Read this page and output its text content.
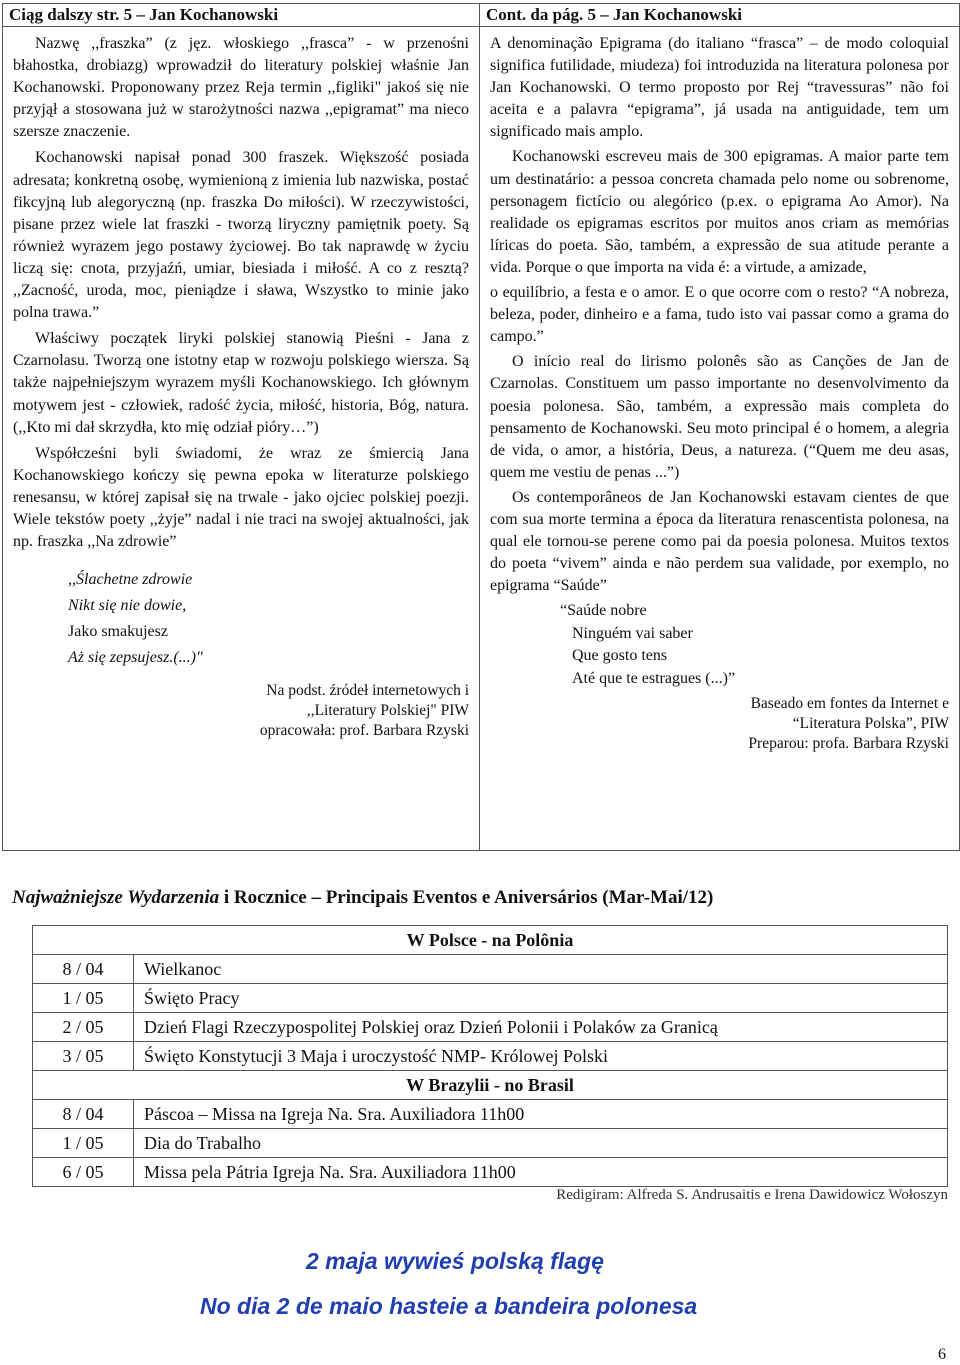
Ciąg dalszy str. 5 – Jan Kochanowski

Nazwę ,,fraszka” (z jęz. włoskiego ,,frasca” - w przenośni błahostka, drobiazg) wprowadził do literatury polskiej właśnie Jan Kochanowski. Proponowany przez Reja termin ,,figliki" jakoś się nie przyjął a stosowana już w starożytności nazwa ,,epigramat” ma nieco szersze znaczenie.

Kochanowski napisał ponad 300 fraszek. Większość posiada adresata; konkretną osobę, wymienioną z imienia lub nazwiska, postać fikcyjną lub alegoryczną (np. fraszka Do miłości). W rzeczywistości, pisane przez wiele lat fraszki - tworzą liryczny pamiętnik poety. Są również wyrazem jego postawy życiowej. Bo tak naprawdę w życiu liczą się: cnota, przyjaźń, umiar, biesiada i miłość. A co z resztą? ,,Zacność, uroda, moc, pieniądze i sława, Wszystko to minie jako polna trawa.”

Właściwy początek liryki polskiej stanowią Pieśni - Jana z Czarnolasu. Tworzą one istotny etap w rozwoju polskiego wiersza. Są także najpełniejszym wyrazem myśli Kochanowskiego. Ich głównym motywem jest - człowiek, radość życia, miłość, historia, Bóg, natura. (,,Kto mi dał skrzydła, kto mię odział pióry…”)

Współcześni byli świadomi, że wraz ze śmiercią Jana Kochanowskiego kończy się pewna epoka w literaturze polskiego renesansu, w której zapisał się na trwale - jako ojciec polskiej poezji. Wiele tekstów poety ,,żyje” nadal i nie traci na swojej aktualności, jak np. fraszka ,,Na zdrowie”

,,Ślachetne zdrowie
Nikt się nie dowie,
Jako smakujesz
Aż się zepsujesz.(...)"
Na podst. źródeł internetowych i
,,Literatury Polskiej" PIW
opracowała: prof. Barbara Rzyski
Cont. da pág. 5 – Jan Kochanowski

A denominação Epigrama (do italiano “frasca” – de modo coloquial significa futilidade, miudeza) foi introduzida na literatura polonesa por Jan Kochanowski. O termo proposto por Rej “travessuras” não foi aceita e a palavra “epigrama”, já usada na antiguidade, tem um significado mais amplo.

Kochanowski escreveu mais de 300 epigramas. A maior parte tem um destinatário: a pessoa concreta chamada pelo nome ou sobrenome, personagem fictício ou alegórico (p.ex. o epigrama Ao Amor). Na realidade os epigramas escritos por muitos anos criam as memórias líricas do poeta. São, também, a expressão de sua atitude perante a vida. Porque o que importa na vida é: a virtude, a amizade,

o equilíbrio, a festa e o amor. E o que ocorre com o resto? “A nobreza, beleza, poder, dinheiro e a fama, tudo isto vai passar como a grama do campo.”

O início real do lirismo polonês são as Canções de Jan de Czarnolas. Constituem um passo importante no desenvolvimento da poesia polonesa. São, também, a expressão mais completa do pensamento de Kochanowski. Seu moto principal é o homem, a alegria de vida, o amor, a história, Deus, a natureza. (“Quem me deu asas, quem me vestiu de penas ...”)

Os contemporâneos de Jan Kochanowski estavam cientes de que com sua morte termina a época da literatura renascentista polonesa, na qual ele tornou-se perene como pai da poesia polonesa. Muitos textos do poeta “vivem” ainda e não perdem sua validade, por exemplo, no epigrama “Saúde”

“Saúde nobre
Ninguém vai saber
Que gosto tens
Até que te estragues (...)”
Baseado em fontes da Internet e
“Literatura Polska”, PIW
Preparou: profa. Barbara Rzyski
Najważniejsze Wydarzenia i Rocznice – Principais Eventos e Aniversários (Mar-Mai/12)
W Polsce - na Polônia	
8 / 04	Wielkanoc
1 / 05	Święto Pracy
2 / 05	Dzień Flagi Rzeczypospolitej Polskiej oraz Dzień Polonii i Polaków za Granicą
3 / 05	Święto Konstytucji 3 Maja i uroczystość NMP- Królowej Polski
W Brazylii - no Brasil	
8 / 04	Páscoa – Missa na Igreja Na. Sra. Auxiliadora 11h00
1 / 05	Dia do Trabalho
6 / 05	Missa pela Pátria Igreja Na. Sra. Auxiliadora 11h00
Redigiram: Alfreda S. Andrusaitis e Irena Dawidowicz Wołoszyn
2 maja wywieś polską flagę
No dia 2 de maio hasteie a bandeira polonesa
6
